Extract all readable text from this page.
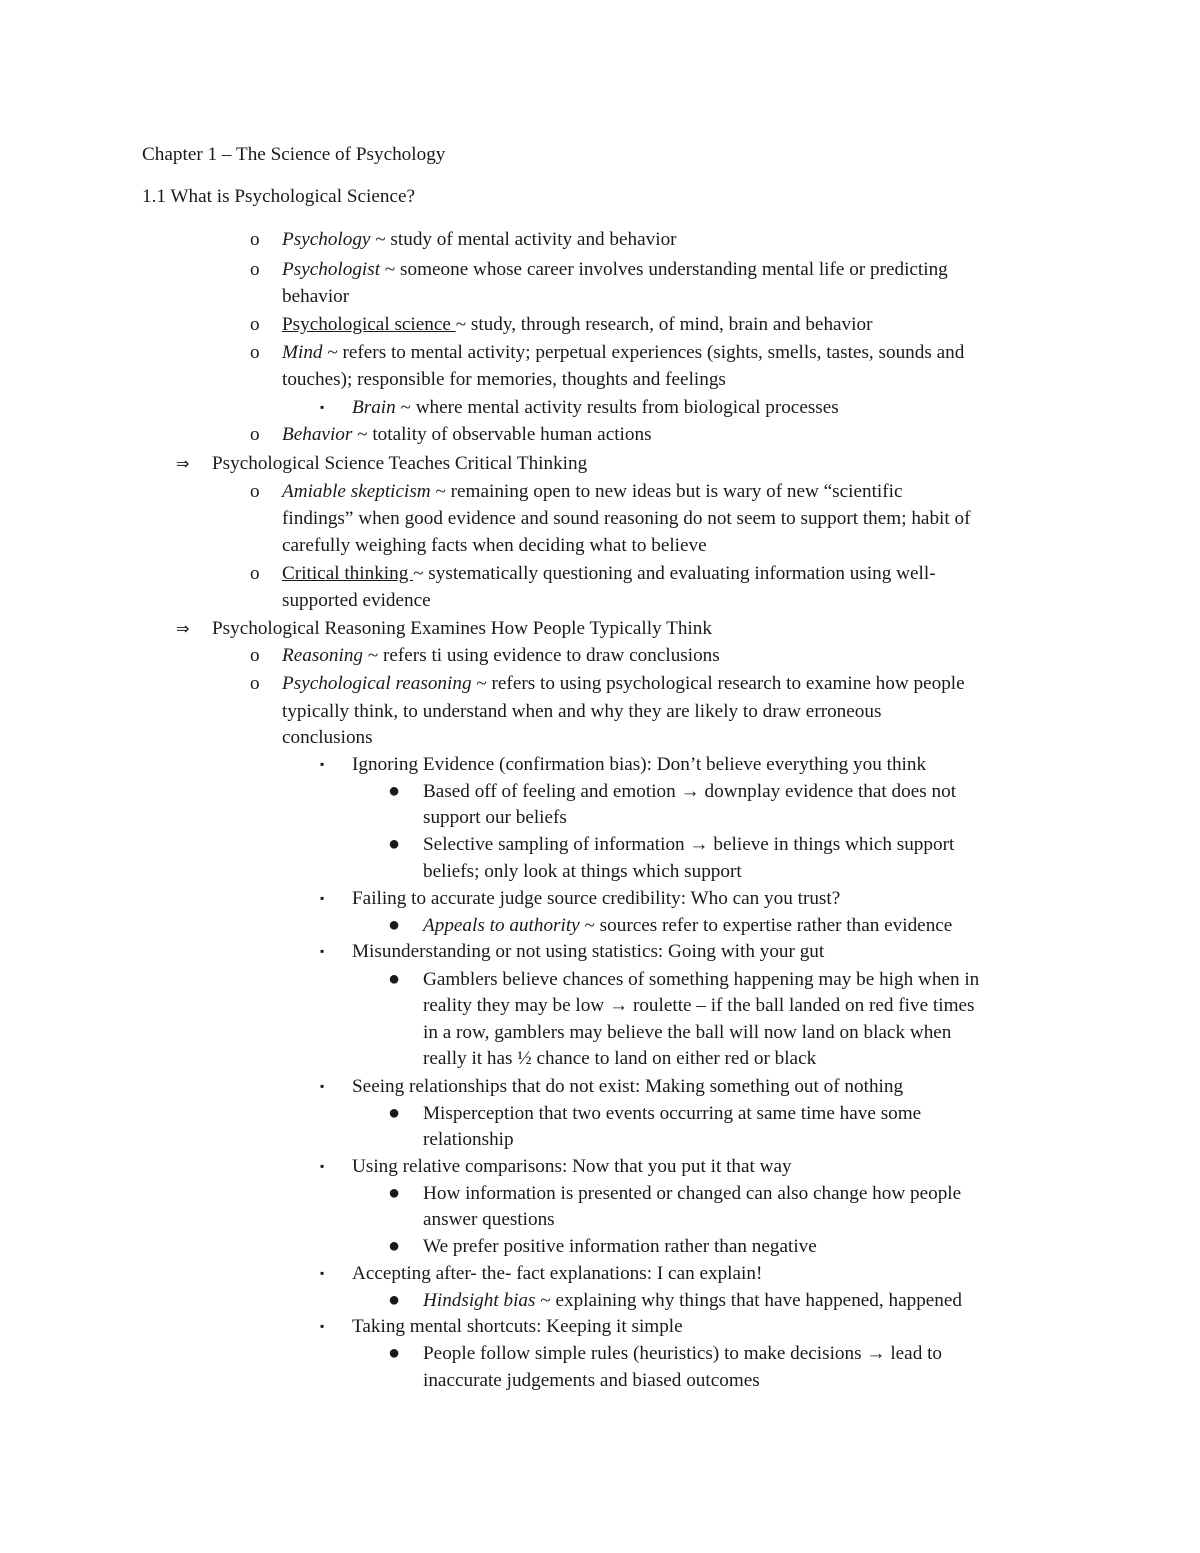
Chapter 1 – The Science of Psychology
1.1 What is Psychological Science?
o Psychology ~ study of mental activity and behavior
o Psychologist ~ someone whose career involves understanding mental life or predicting
behavior
o Psychological science ~ study, through research, of mind, brain and behavior
o Mind ~ refers to mental activity; perpetual experiences (sights, smells, tastes, sounds and
touches); responsible for memories, thoughts and feelings
▪ Brain ~ where mental activity results from biological processes
o Behavior ~ totality of observable human actions
⇒ Psychological Science Teaches Critical Thinking
o Amiable skepticism ~ remaining open to new ideas but is wary of new “scientific
findings” when good evidence and sound reasoning do not seem to support them; habit of
carefully weighing facts when deciding what to believe
o Critical thinking ~ systematically questioning and evaluating information using well-
supported evidence
⇒ Psychological Reasoning Examines How People Typically Think
o Reasoning ~ refers ti using evidence to draw conclusions
o Psychological reasoning ~ refers to using psychological research to examine how people
typically think, to understand when and why they are likely to draw erroneous
conclusions
▪ Ignoring Evidence (confirmation bias): Don’t believe everything you think
● Based off of feeling and emotion → downplay evidence that does not
support our beliefs
● Selective sampling of information → believe in things which support
beliefs; only look at things which support
▪ Failing to accurate judge source credibility: Who can you trust?
● Appeals to authority ~ sources refer to expertise rather than evidence
▪ Misunderstanding or not using statistics: Going with your gut
● Gamblers believe chances of something happening may be high when in
reality they may be low → roulette – if the ball landed on red five times
in a row, gamblers may believe the ball will now land on black when
really it has ½ chance to land on either red or black
▪ Seeing relationships that do not exist: Making something out of nothing
● Misperception that two events occurring at same time have some
relationship
▪ Using relative comparisons: Now that you put it that way
● How information is presented or changed can also change how people
answer questions
● We prefer positive information rather than negative
▪ Accepting after- the- fact explanations: I can explain!
● Hindsight bias ~ explaining why things that have happened, happened
▪ Taking mental shortcuts: Keeping it simple
● People follow simple rules (heuristics) to make decisions → lead to
inaccurate judgements and biased outcomes
